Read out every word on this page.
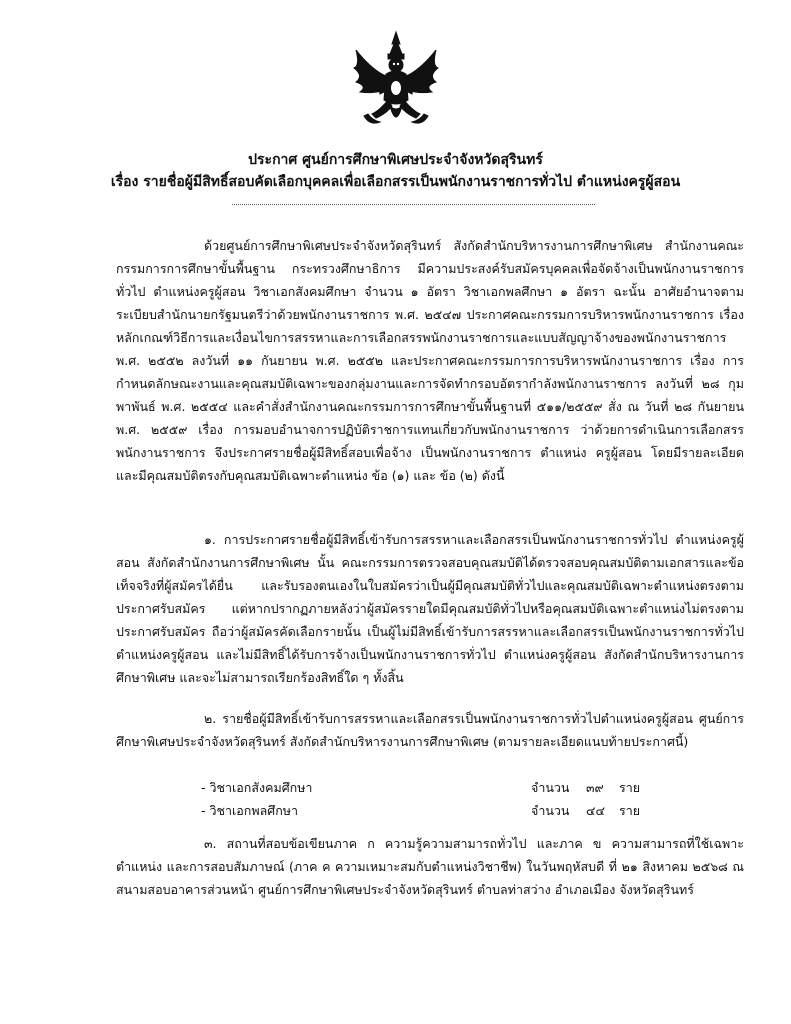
ประกาศ ศูนย์การศึกษาพิเศษประจำจังหวัดสุรินทร์
เรื่อง รายชื่อผู้มีสิทธิ์สอบคัดเลือกบุคคลเพื่อเลือกสรรเป็นพนักงานราชการทั่วไป ตำแหน่งครูผู้สอน

ด้วยศูนย์การศึกษาพิเศษประจำจังหวัดสุรินทร์ สังกัดสำนักบริหารงานการศึกษาพิเศษ สำนักงานคณะกรรมการการศึกษาขั้นพื้นฐาน กระทรวงศึกษาธิการ มีความประสงค์รับสมัครบุคคลเพื่อจัดจ้างเป็นพนักงานราชการทั่วไป ตำแหน่งครูผู้สอน วิชาเอกสังคมศึกษา จำนวน ๑ อัตรา วิชาเอกพลศึกษา ๑ อัตรา ฉะนั้น อาศัยอำนาจตามระเบียบสำนักนายกรัฐมนตรีว่าด้วยพนักงานราชการ พ.ศ. ๒๕๔๗ ประกาศคณะกรรมการบริหารพนักงานราชการ เรื่องหลักเกณฑ์วิธีการและเงื่อนไขการสรรหาและการเลือกสรรพนักงานราชการและแบบสัญญาจ้างของพนักงานราชการ พ.ศ. ๒๕๕๒ ลงวันที่ ๑๑ กันยายน พ.ศ. ๒๕๕๒ และประกาศคณะกรรมการการบริหารพนักงานราชการ เรื่อง การกำหนดลักษณะงานและคุณสมบัติเฉพาะของกลุ่มงานและการจัดทำกรอบอัตรากำลังพนักงานราชการ ลงวันที่ ๒๘ กุมพาพันธ์ พ.ศ. ๒๕๕๔ และคำสั่งสำนักงานคณะกรรมการการศึกษาขั้นพื้นฐานที่ ๕๑๑/๒๕๕๙ สั่ง ณ วันที่ ๒๘ กันยายน พ.ศ. ๒๕๕๙ เรื่อง การมอบอำนาจการปฏิบัติราชการแทนเกี่ยวกับพนักงานราชการ ว่าด้วยการดำเนินการเลือกสรรพนักงานราชการ จึงประกาศรายชื่อผู้มีสิทธิ์สอบเพื่อจ้าง เป็นพนักงานราชการ ตำแหน่ง ครูผู้สอน โดยมีรายละเอียด และมีคุณสมบัติตรงกับคุณสมบัติเฉพาะตำแหน่ง ข้อ (๑) และ ข้อ (๒) ดังนี้

๑. การประกาศรายชื่อผู้มีสิทธิ์เข้ารับการสรรหาและเลือกสรรเป็นพนักงานราชการทั่วไป ตำแหน่งครูผู้สอน สังกัดสำนักงานการศึกษาพิเศษ นั้น คณะกรรมการตรวจสอบคุณสมบัติได้ตรวจสอบคุณสมบัติตามเอกสารและข้อเท็จจริงที่ผู้สมัครได้ยื่น และรับรองตนเองในใบสมัครว่าเป็นผู้มีคุณสมบัติทั่วไปและคุณสมบัติเฉพาะตำแหน่งตรงตามประกาศรับสมัคร แต่หากปรากฏภายหลังว่าผู้สมัครรายใดมีคุณสมบัติทั่วไปหรือคุณสมบัติเฉพาะตำแหน่งไม่ตรงตามประกาศรับสมัคร ถือว่าผู้สมัครคัดเลือกรายนั้น เป็นผู้ไม่มีสิทธิ์เข้ารับการสรรหาและเลือกสรรเป็นพนักงานราชการทั่วไป ตำแหน่งครูผู้สอน และไม่มีสิทธิ์ได้รับการจ้างเป็นพนักงานราชการทั่วไป ตำแหน่งครูผู้สอน สังกัดสำนักบริหารงานการศึกษาพิเศษ และจะไม่สามารถเรียกร้องสิทธิ์ใด ๆ ทั้งสิ้น

๒. รายชื่อผู้มีสิทธิ์เข้ารับการสรรหาและเลือกสรรเป็นพนักงานราชการทั่วไปตำแหน่งครูผู้สอน ศูนย์การศึกษาพิเศษประจำจังหวัดสุรินทร์ สังกัดสำนักบริหารงานการศึกษาพิเศษ (ตามรายละเอียดแนบท้ายประกาศนี้)

- วิชาเอกสังคมศึกษา	จำนวน ๓๙ ราย
- วิชาเอกพลศึกษา	จำนวน ๔๔ ราย

๓. สถานที่สอบข้อเขียนภาค ก ความรู้ความสามารถทั่วไป และภาค ข ความสามารถที่ใช้เฉพาะตำแหน่ง และการสอบสัมภาษณ์ (ภาค ค ความเหมาะสมกับตำแหน่งวิชาชีพ) ในวันพฤหัสบดี ที่ ๒๑ สิงหาคม ๒๕๖๘ ณ สนามสอบอาคารส่วนหน้า ศูนย์การศึกษาพิเศษประจำจังหวัดสุรินทร์ ตำบลท่าสว่าง อำเภอเมือง จังหวัดสุรินทร์
